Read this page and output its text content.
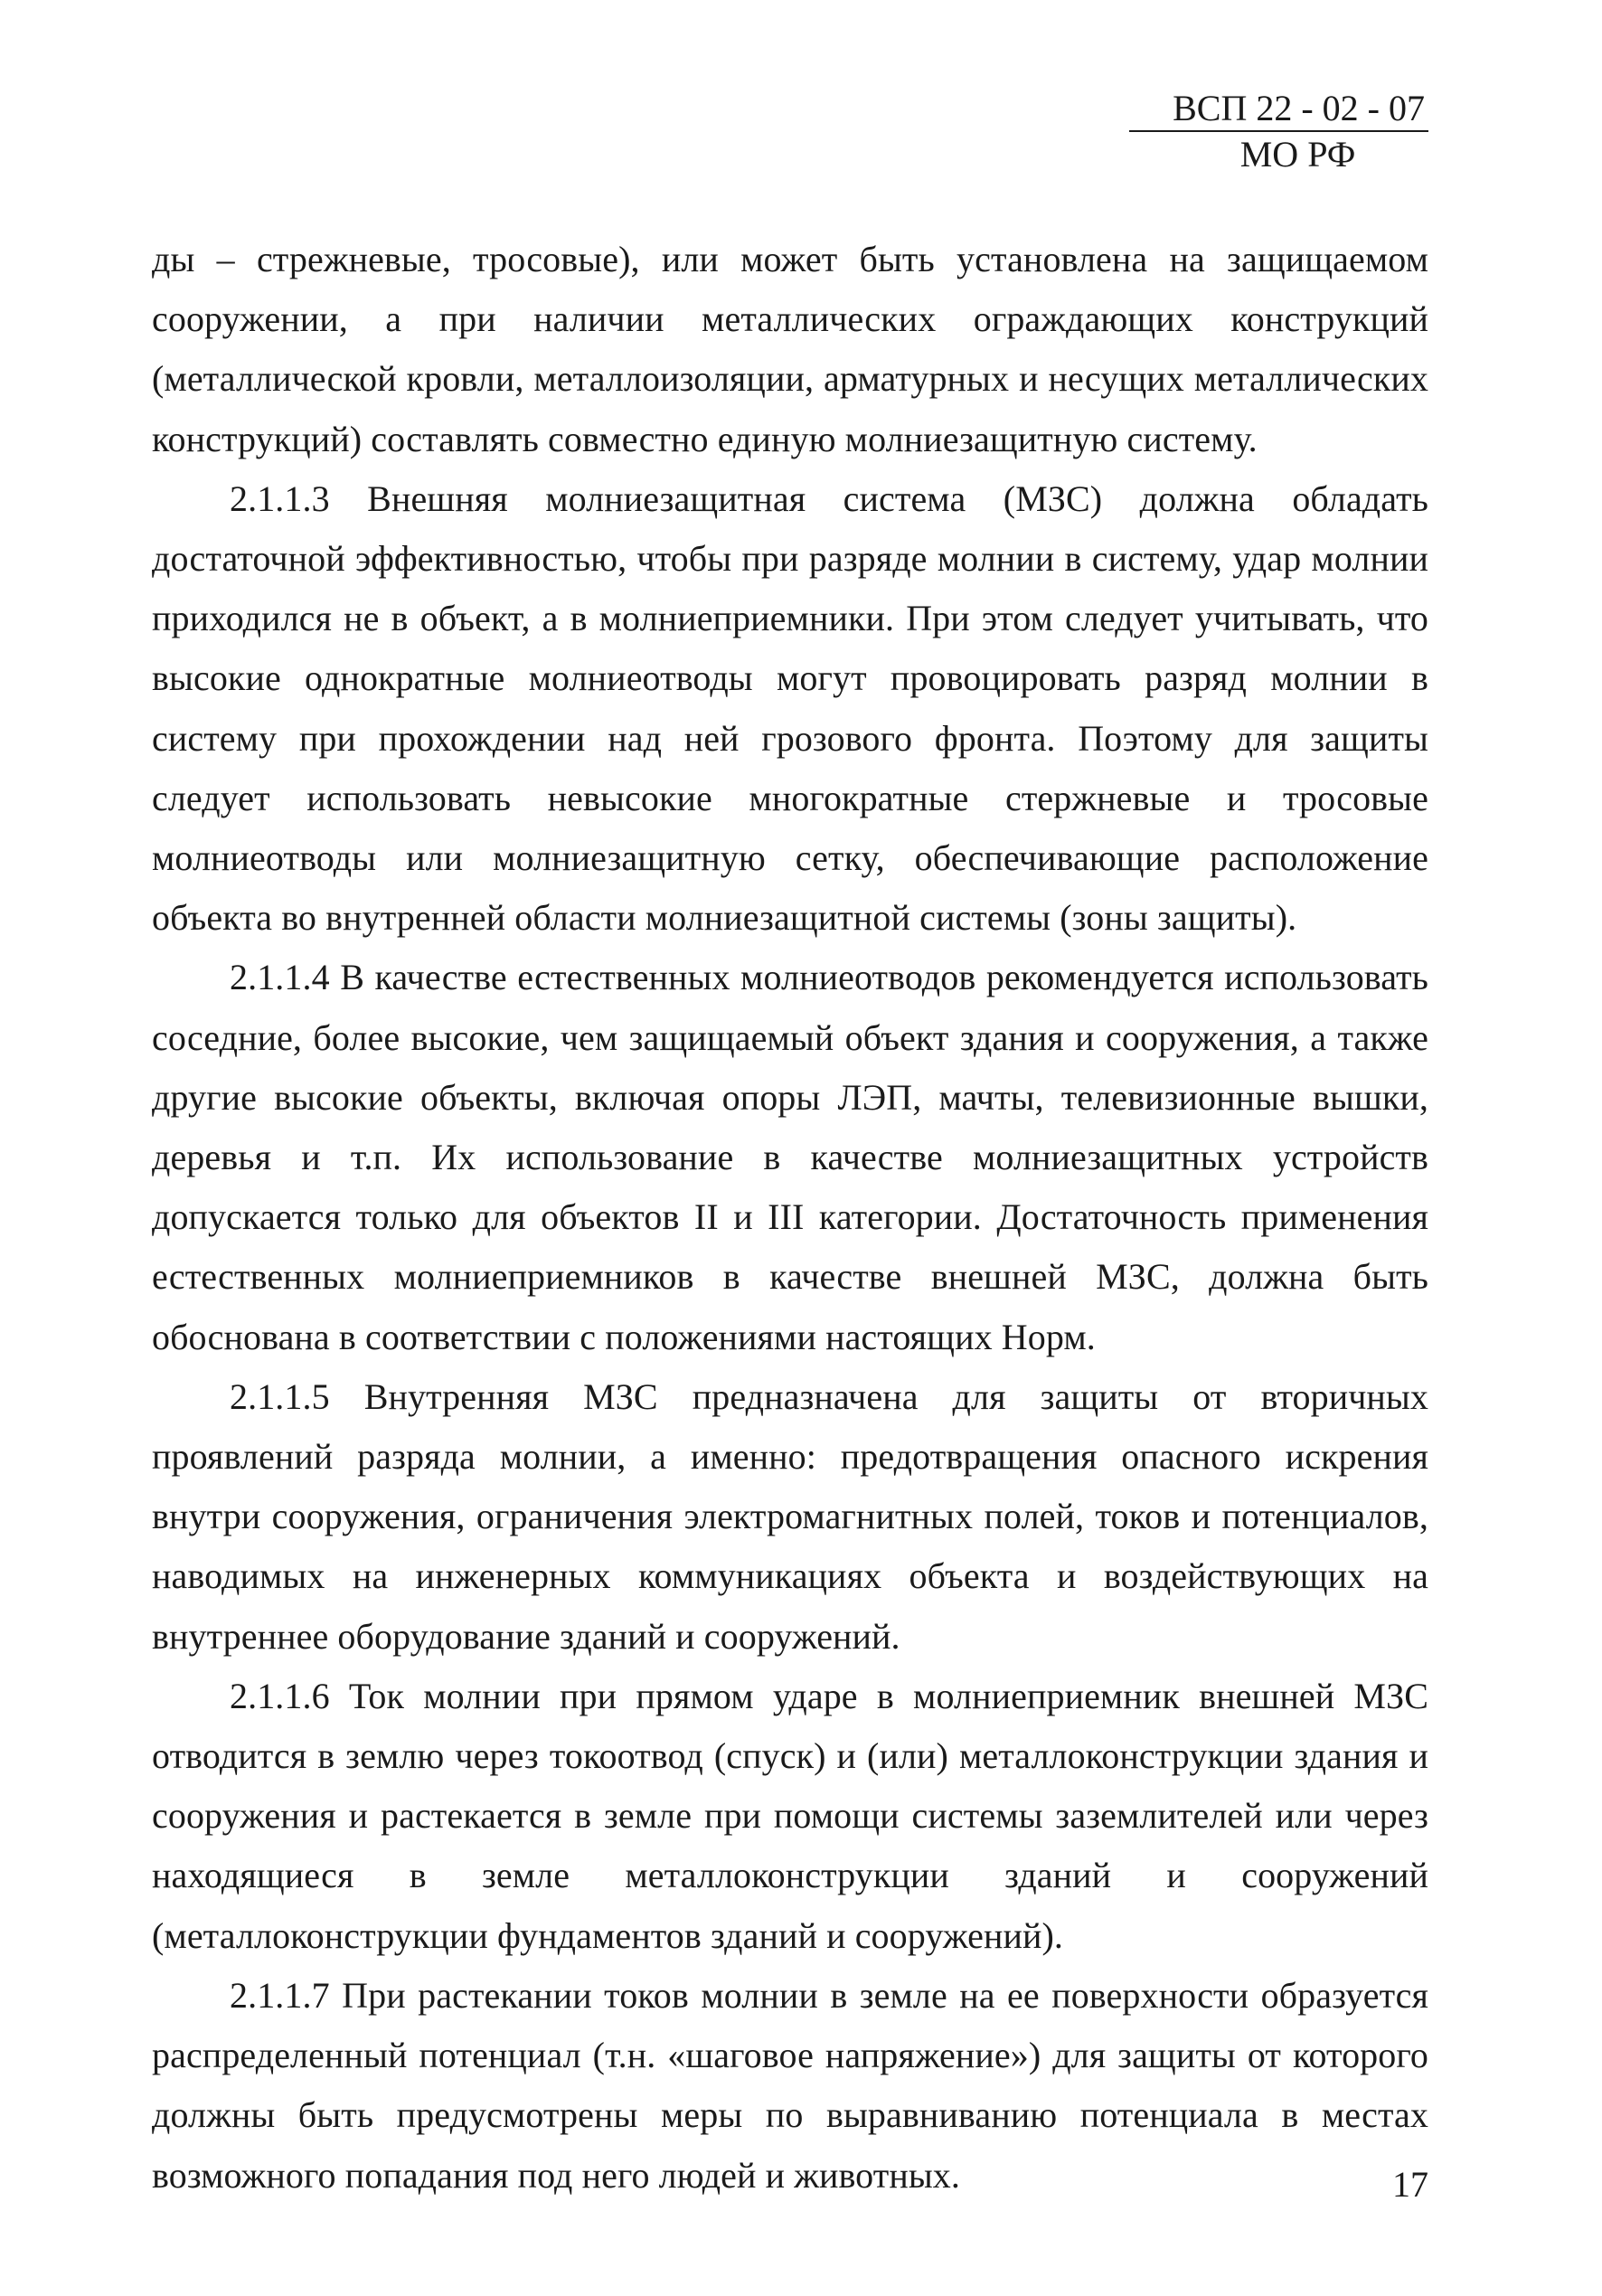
ВСП 22 - 02 - 07
МО РФ

ды – стрежневые, тросовые), или может быть установлена на защищаемом сооружении, а при наличии металлических ограждающих конструкций (металлической кровли, металлоизоляции, арматурных и несущих металлических конструкций) составлять совместно единую молниезащитную систему.

2.1.1.3 Внешняя молниезащитная система (МЗС) должна обладать достаточной эффективностью, чтобы при разряде молнии в систему, удар молнии приходился не в объект, а в молниеприемники. При этом следует учитывать, что высокие однократные молниеотводы могут провоцировать разряд молнии в систему при прохождении над ней грозового фронта. Поэтому для защиты следует использовать невысокие многократные стержневые и тросовые молниеотводы или молниезащитную сетку, обеспечивающие расположение объекта во внутренней области молниезащитной системы (зоны защиты).

2.1.1.4 В качестве естественных молниеотводов рекомендуется использовать соседние, более высокие, чем защищаемый объект здания и сооружения, а также другие высокие объекты, включая опоры ЛЭП, мачты, телевизионные вышки, деревья и т.п. Их использование в качестве молниезащитных устройств допускается только для объектов II и III категории. Достаточность применения естественных молниеприемников в качестве внешней МЗС, должна быть обоснована в соответствии с положениями настоящих Норм.

2.1.1.5 Внутренняя МЗС предназначена для защиты от вторичных проявлений разряда молнии, а именно: предотвращения опасного искрения внутри сооружения, ограничения электромагнитных полей, токов и потенциалов, наводимых на инженерных коммуникациях объекта и воздействующих на внутреннее оборудование зданий и сооружений.

2.1.1.6 Ток молнии при прямом ударе в молниеприемник внешней МЗС отводится в землю через токоотвод (спуск) и (или) металлоконструкции здания и сооружения и растекается в земле при помощи системы заземлителей или через находящиеся в земле металлоконструкции зданий и сооружений (металлоконструкции фундаментов зданий и сооружений).

2.1.1.7 При растекании токов молнии в земле на ее поверхности образуется распределенный потенциал (т.н. «шаговое напряжение») для защиты от которого должны быть предусмотрены меры по выравниванию потенциала в местах возможного попадания под него людей и животных.	17
